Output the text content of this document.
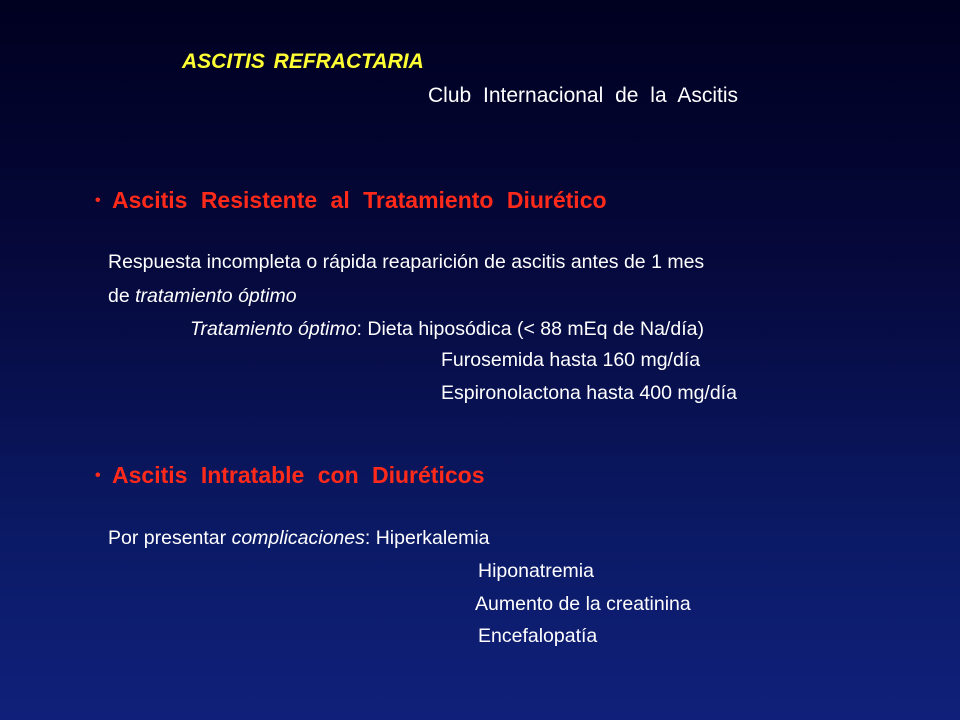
ASCITIS REFRACTARIA
Club Internacional de la Ascitis
• Ascitis Resistente al Tratamiento Diurético
Respuesta incompleta o rápida reaparición de ascitis antes de 1 mes
de tratamiento óptimo
Tratamiento óptimo: Dieta hiposódica (< 88 mEq de Na/día)
Furosemida hasta 160 mg/día
Espironolactona hasta 400 mg/día
• Ascitis Intratable con Diuréticos
Por presentar complicaciones: Hiperkalemia
Hiponatremia
Aumento de la creatinina
Encefalopatía
